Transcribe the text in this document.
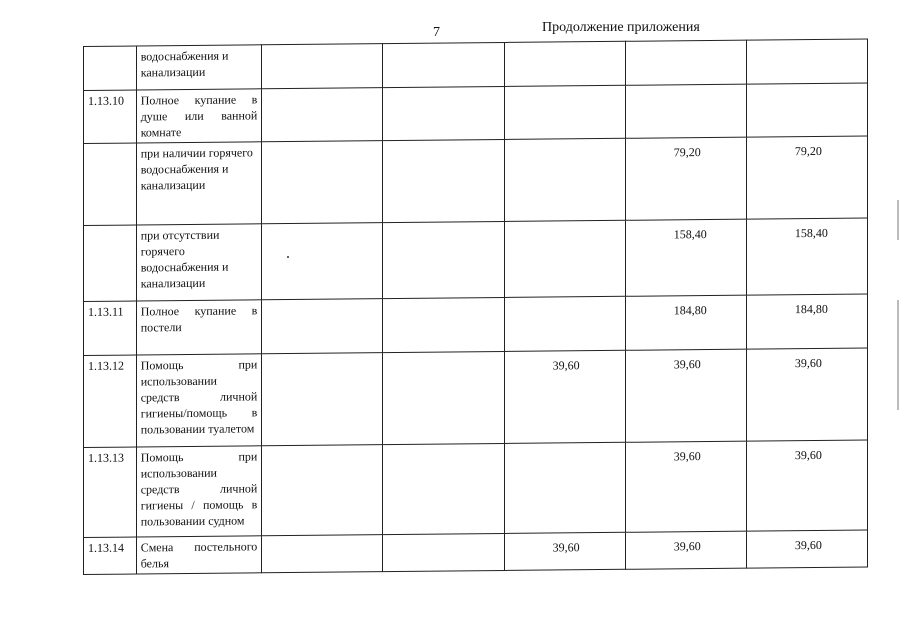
7	Продолжение приложения
	водоснабжения и канализации					
1.13.10	Полное купание в душе или ванной комнате					
	при наличии горячего водоснабжения и канализации				79,20	79,20
	при отсутствии горячего водоснабжения и канализации				158,40	158,40
1.13.11	Полное купание в постели				184,80	184,80
1.13.12	Помощь при использовании средств личной гигиены/помощь в пользовании туалетом			39,60	39,60	39,60
1.13.13	Помощь при использовании средств личной гигиены / помощь в пользовании судном				39,60	39,60
1.13.14	Смена постельного белья			39,60	39,60	39,60
